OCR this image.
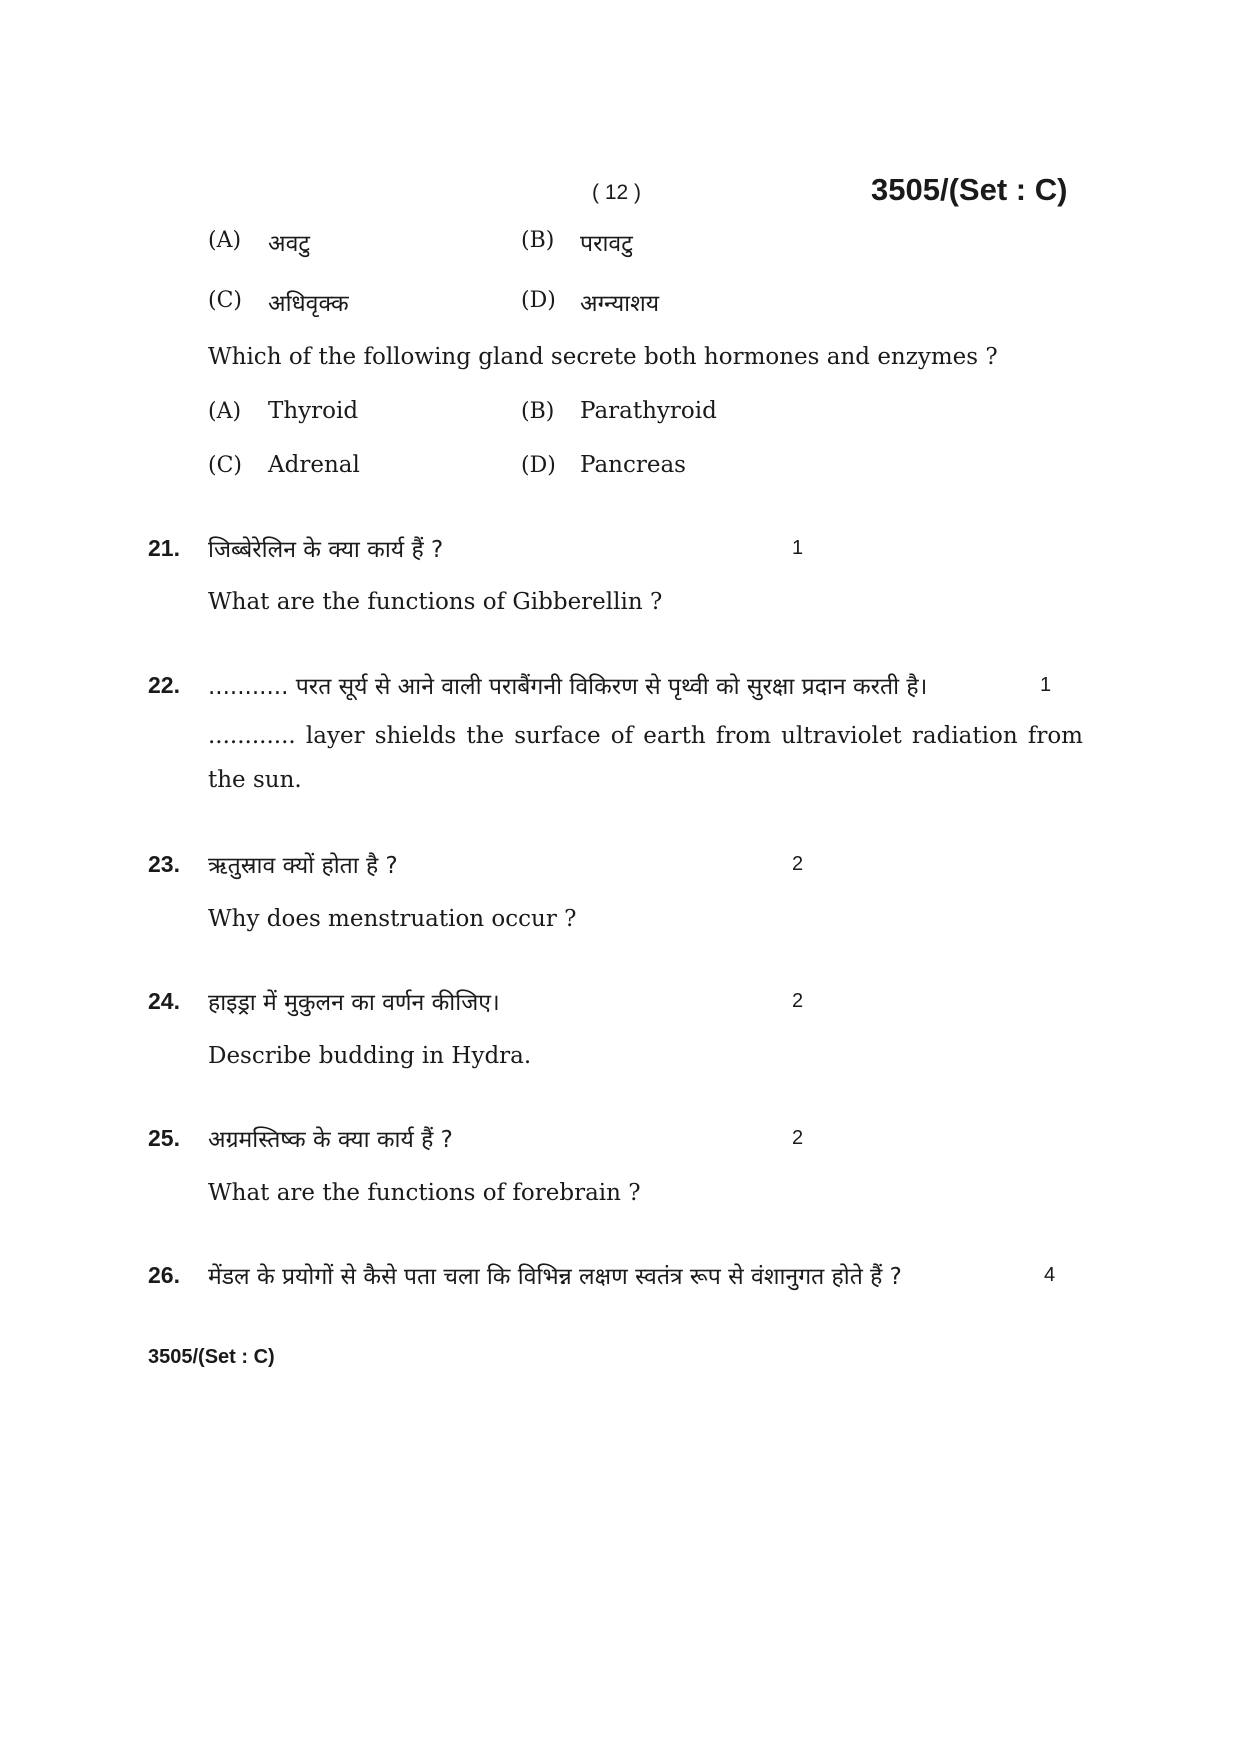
( 12 )	3505/(Set : C)
(A) अवटु	(B) परावटु
(C) अधिवृक्क	(D) अग्न्याशय
Which of the following gland secrete both hormones and enzymes ?
(A) Thyroid	(B) Parathyroid
(C) Adrenal	(D) Pancreas
21. जिब्बेरेलिन के क्या कार्य हैं ?	1
What are the functions of Gibberellin ?
22. ........... परत सूर्य से आने वाली पराबैंगनी विकिरण से पृथ्वी को सुरक्षा प्रदान करती है।	1
............ layer shields the surface of earth from ultraviolet radiation from the sun.
23. ऋतुस्राव क्यों होता है ?	2
Why does menstruation occur ?
24. हाइड्रा में मुकुलन का वर्णन कीजिए।	2
Describe budding in Hydra.
25. अग्रमस्तिष्क के क्या कार्य हैं ?	2
What are the functions of forebrain ?
26. मेंडल के प्रयोगों से कैसे पता चला कि विभिन्न लक्षण स्वतंत्र रूप से वंशानुगत होते हैं ?	4
3505/(Set : C)
